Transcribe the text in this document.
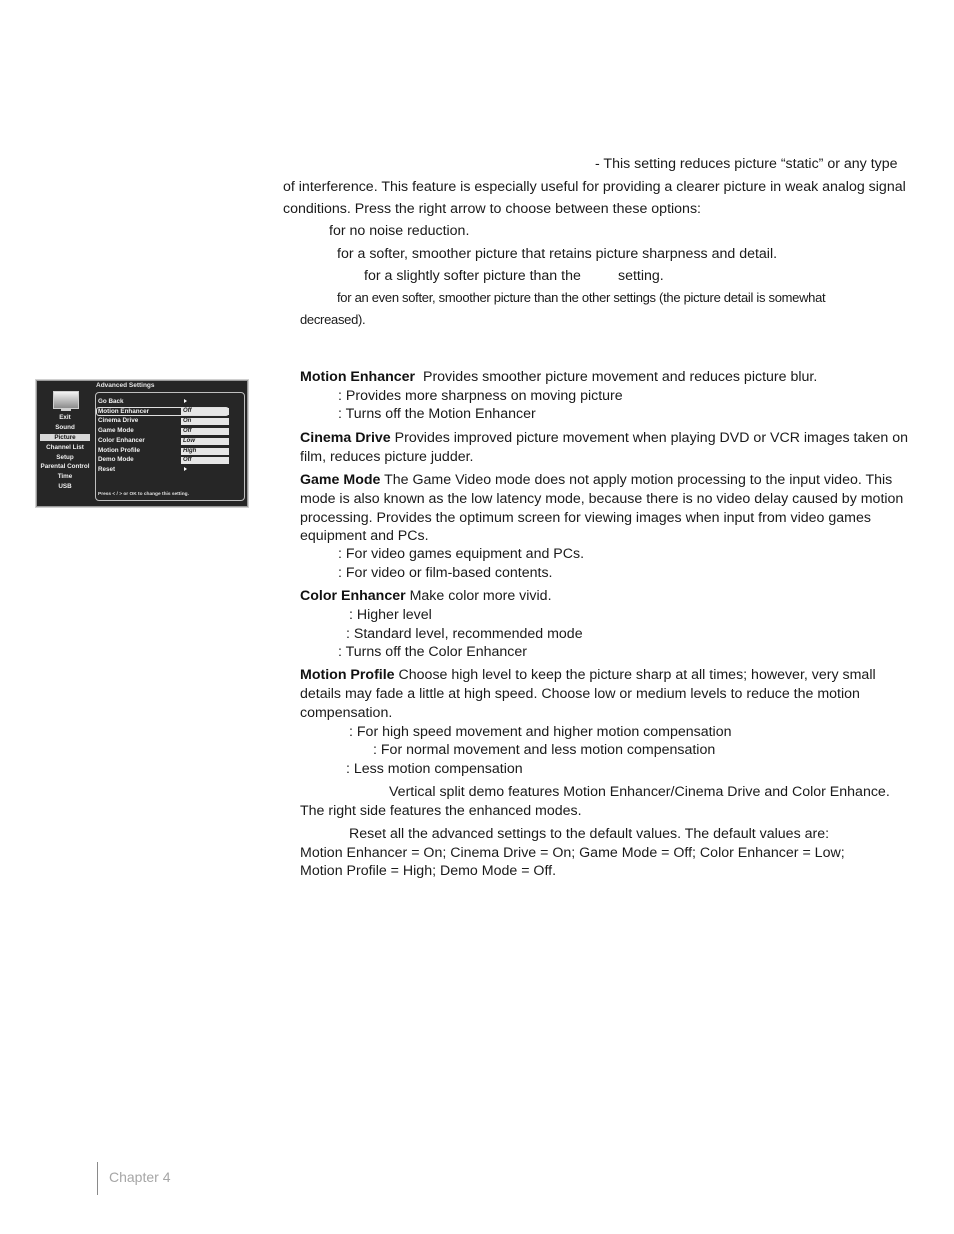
- This setting reduces picture “static” or any type
of interference. This feature is especially useful for providing a clearer picture in weak analog signal
conditions. Press the right arrow to choose between these options:
for no noise reduction.
for a softer, smoother picture that retains picture sharpness and detail.
for a slightly softer picture than the	setting.
for an even softer, smoother picture than the other settings (the picture detail is somewhat
decreased).
Advanced Settings
Exit
Sound
Picture
Channel List
Setup
Parental Control
Time
USB
Go Back
Motion Enhancer	Off
Cinema Drive	On
Game Mode	Off
Color Enhancer	Low
Motion Profile	High
Demo Mode	Off
Reset
Press < / > or OK to change this setting.
Motion Enhancer Provides smoother picture movement and reduces picture blur.
: Provides more sharpness on moving picture
: Turns off the Motion Enhancer
Cinema Drive Provides improved picture movement when playing DVD or VCR images taken on film, reduces picture judder.
Game Mode The Game Video mode does not apply motion processing to the input video. This mode is also known as the low latency mode, because there is no video delay caused by motion processing. Provides the optimum screen for viewing images when input from video games equipment and PCs.
: For video games equipment and PCs.
: For video or film-based contents.
Color Enhancer Make color more vivid.
: Higher level
: Standard level, recommended mode
: Turns off the Color Enhancer
Motion Profile Choose high level to keep the picture sharp at all times; however, very small details may fade a little at high speed. Choose low or medium levels to reduce the motion compensation.
: For high speed movement and higher motion compensation
: For normal movement and less motion compensation
: Less motion compensation
Vertical split demo features Motion Enhancer/Cinema Drive and Color Enhance.
The right side features the enhanced modes.
Reset all the advanced settings to the default values. The default values are:
Motion Enhancer = On; Cinema Drive = On; Game Mode = Off; Color Enhancer = Low;
Motion Profile = High; Demo Mode = Off.
Chapter 4
